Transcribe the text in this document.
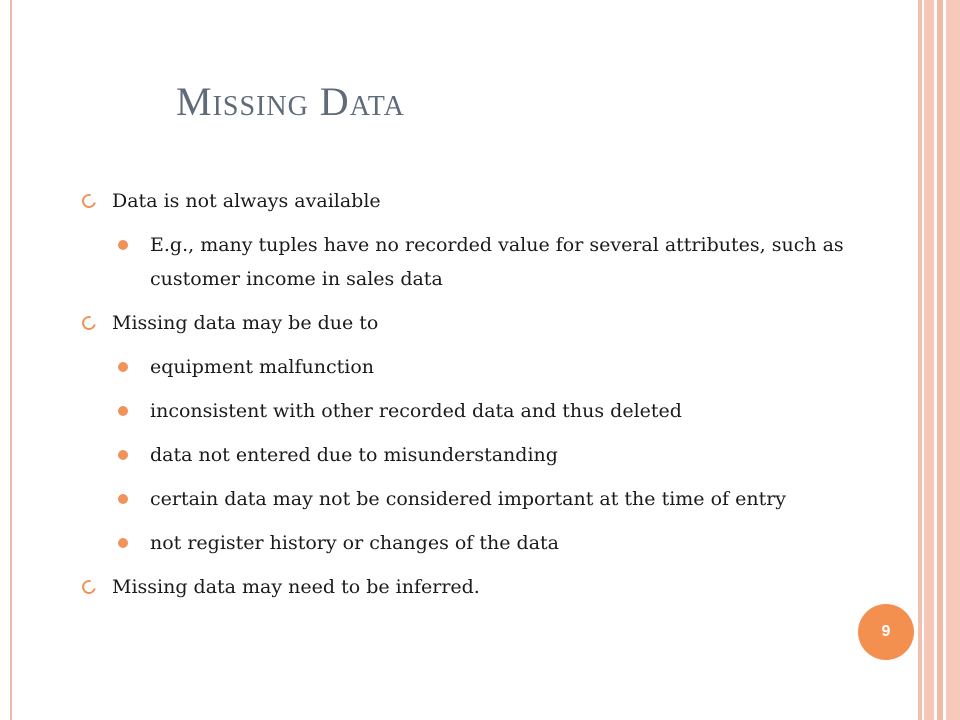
Missing Data
Data is not always available
E.g., many tuples have no recorded value for several attributes, such as customer income in sales data
Missing data may be due to
equipment malfunction
inconsistent with other recorded data and thus deleted
data not entered due to misunderstanding
certain data may not be considered important at the time of entry
not register history or changes of the data
Missing data may need to be inferred.
9
